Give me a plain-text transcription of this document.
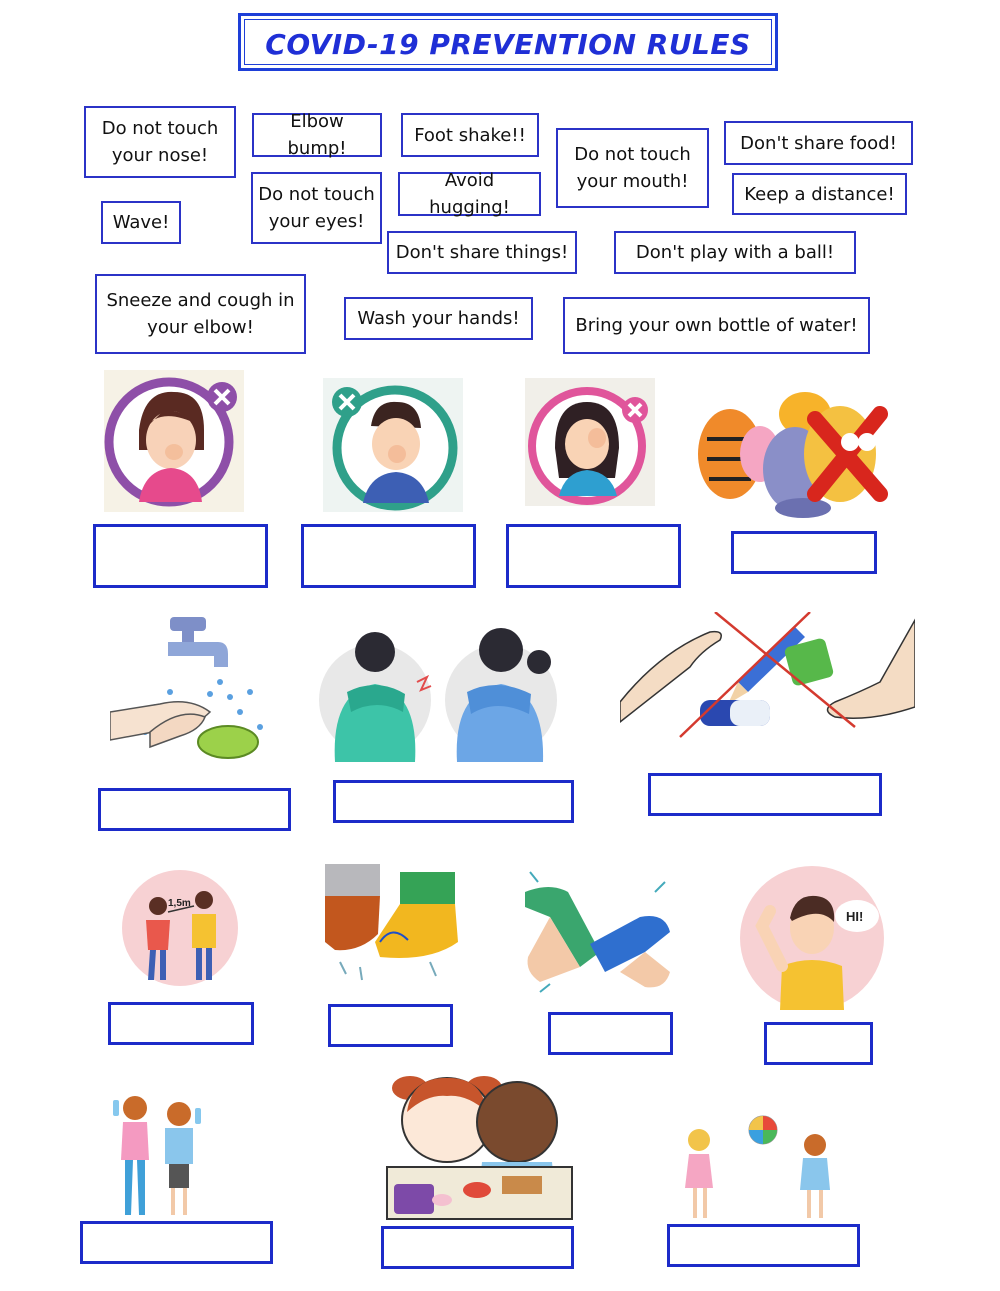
COVID-19 PREVENTION RULES
Do not touch your nose!
Elbow bump!
Foot shake!!
Do not touch your mouth!
Don't share food!
Do not touch your eyes!
Avoid hugging!
Keep a distance!
Wave!
Don't share things!	Don't play with a ball!
Sneeze and cough in your elbow!	Wash your hands!	Bring your own bottle of water!
1,5m
HI!
